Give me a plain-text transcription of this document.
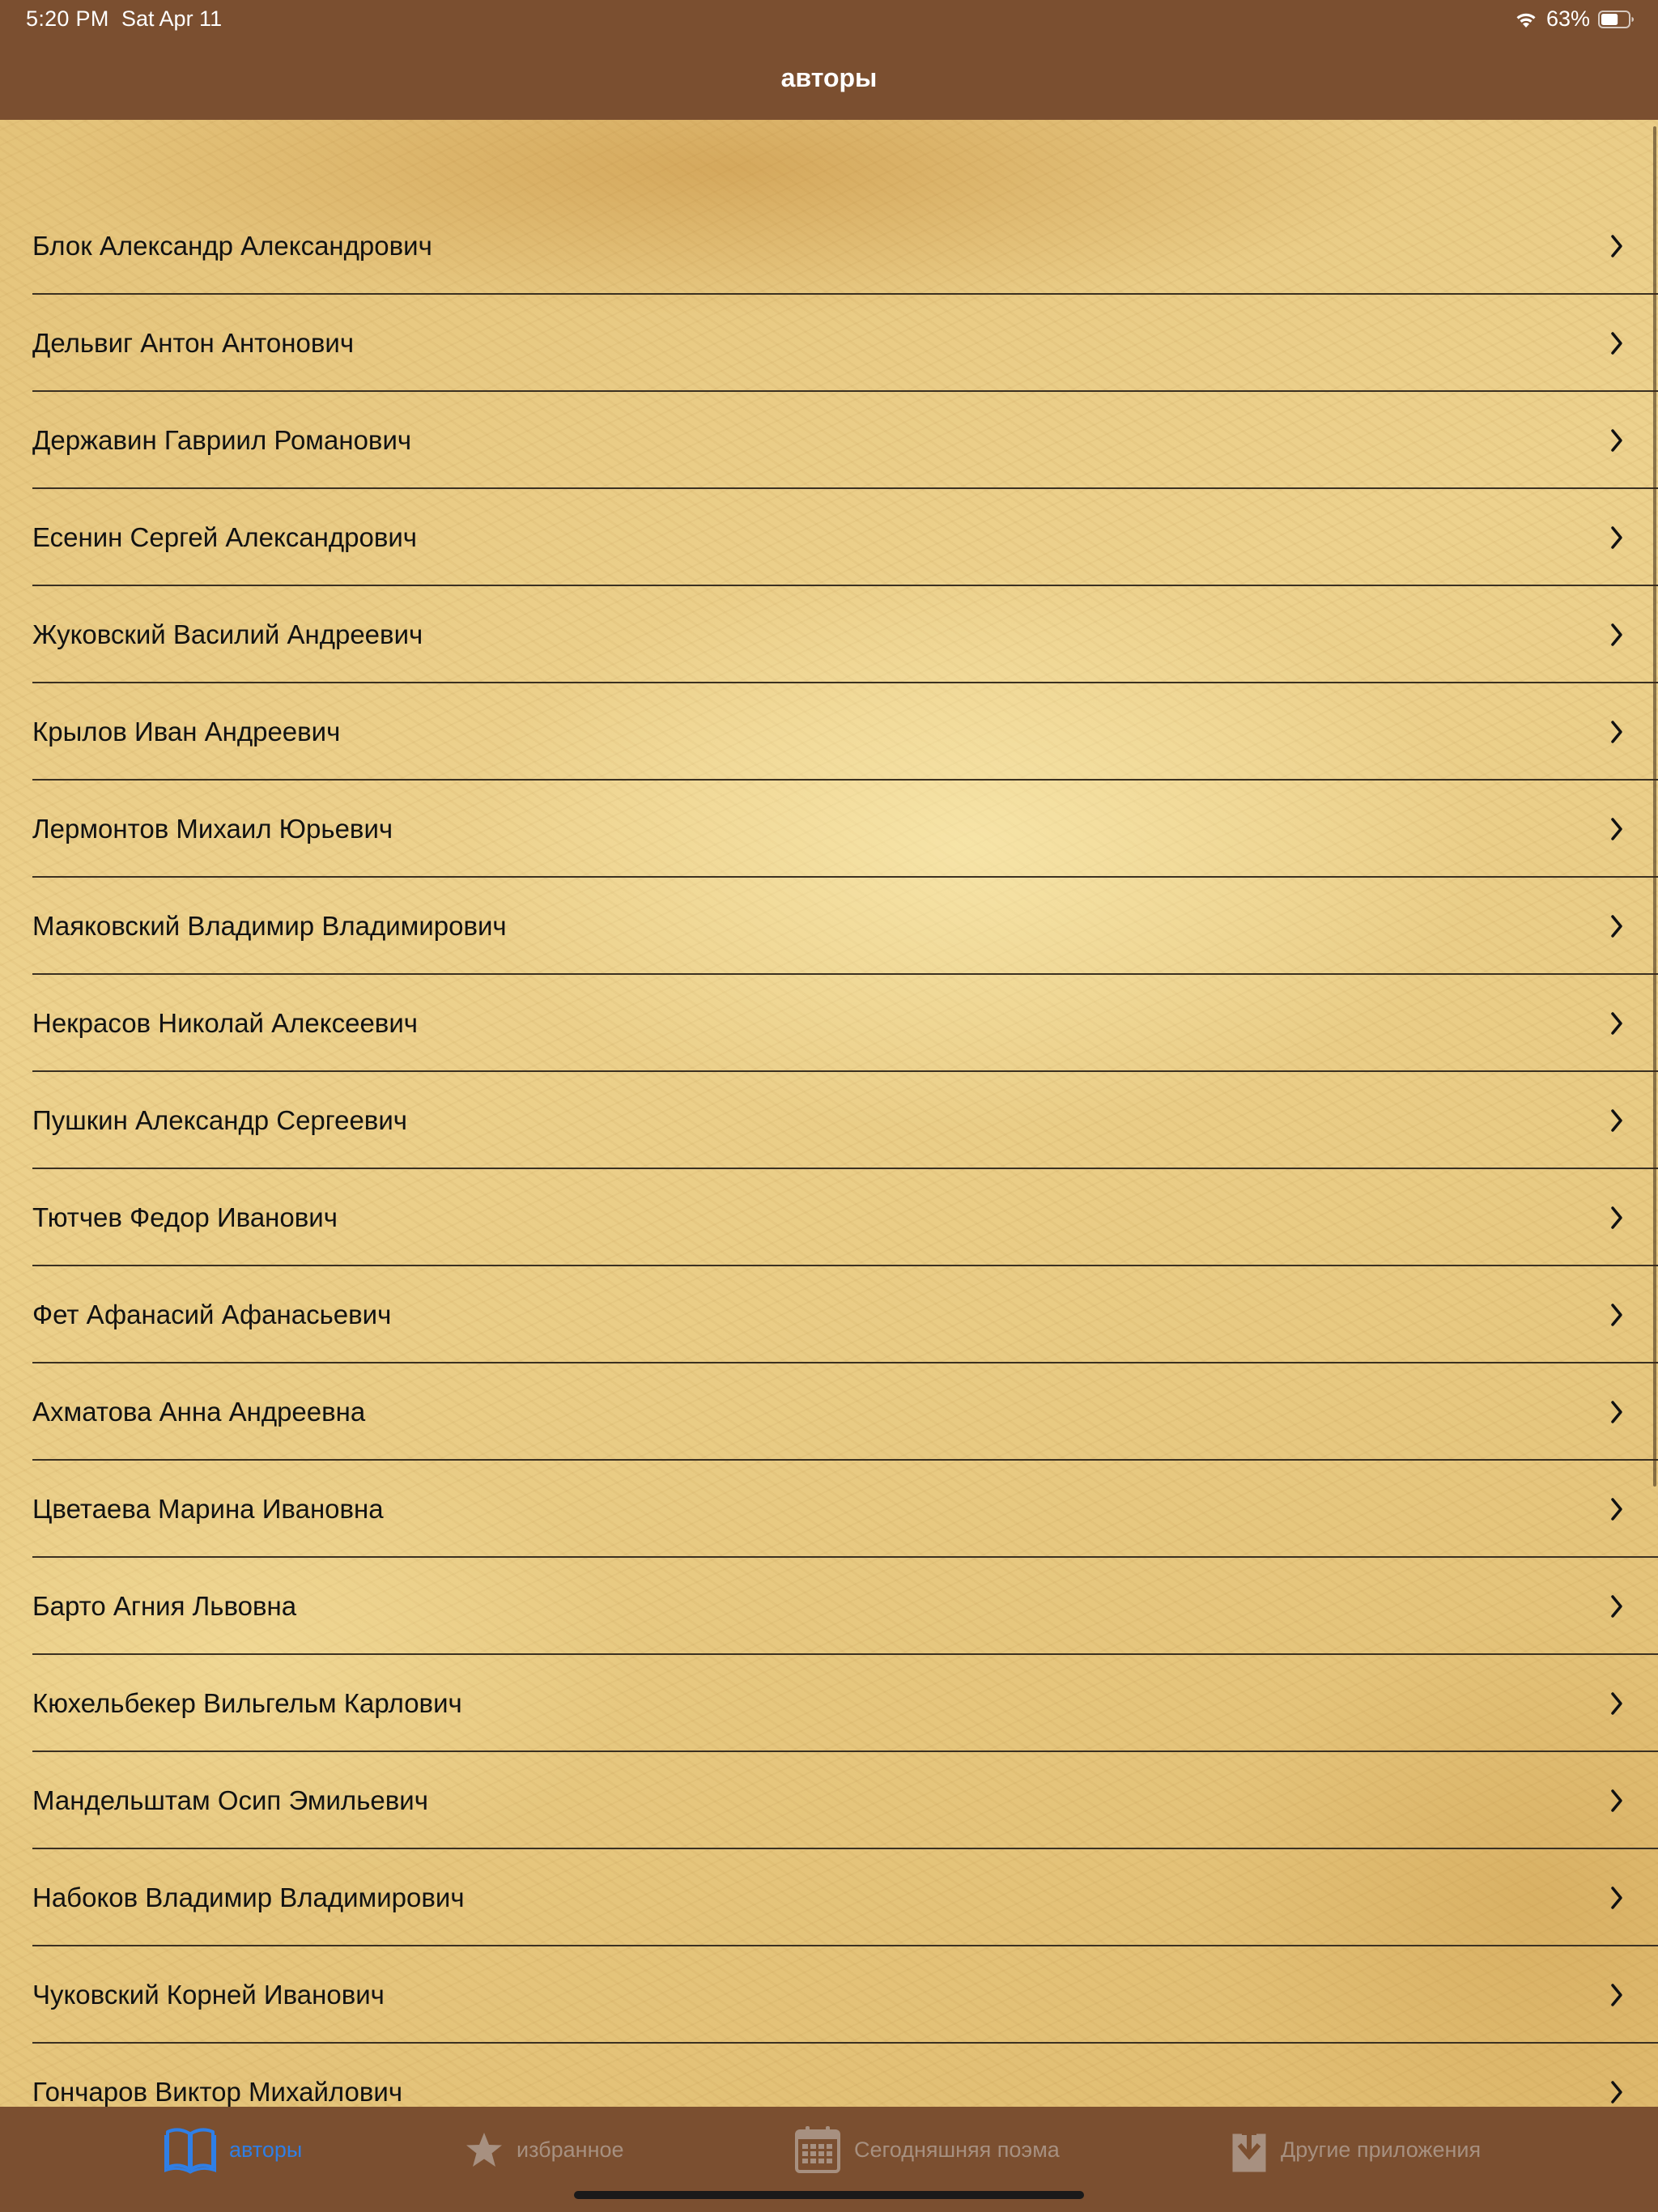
5:20 PM Sat Apr 11	63%
авторы
Блок Александр Александрович
Дельвиг Антон Антонович
Державин Гавриил Романович
Есенин Сергей Александрович
Жуковский Василий Андреевич
Крылов Иван Андреевич
Лермонтов Михаил Юрьевич
Маяковский Владимир Владимирович
Некрасов Николай Алексеевич
Пушкин Александр Сергеевич
Тютчев Федор Иванович
Фет Афанасий Афанасьевич
Ахматова Анна Андреевна
Цветаева Марина Ивановна
Барто Агния Львовна
Кюхельбекер Вильгельм Карлович
Мандельштам Осип Эмильевич
Набоков Владимир Владимирович
Чуковский Корней Иванович
Гончаров Виктор Михайлович
авторы	избранное	Сегодняшняя поэма	Другие приложения
